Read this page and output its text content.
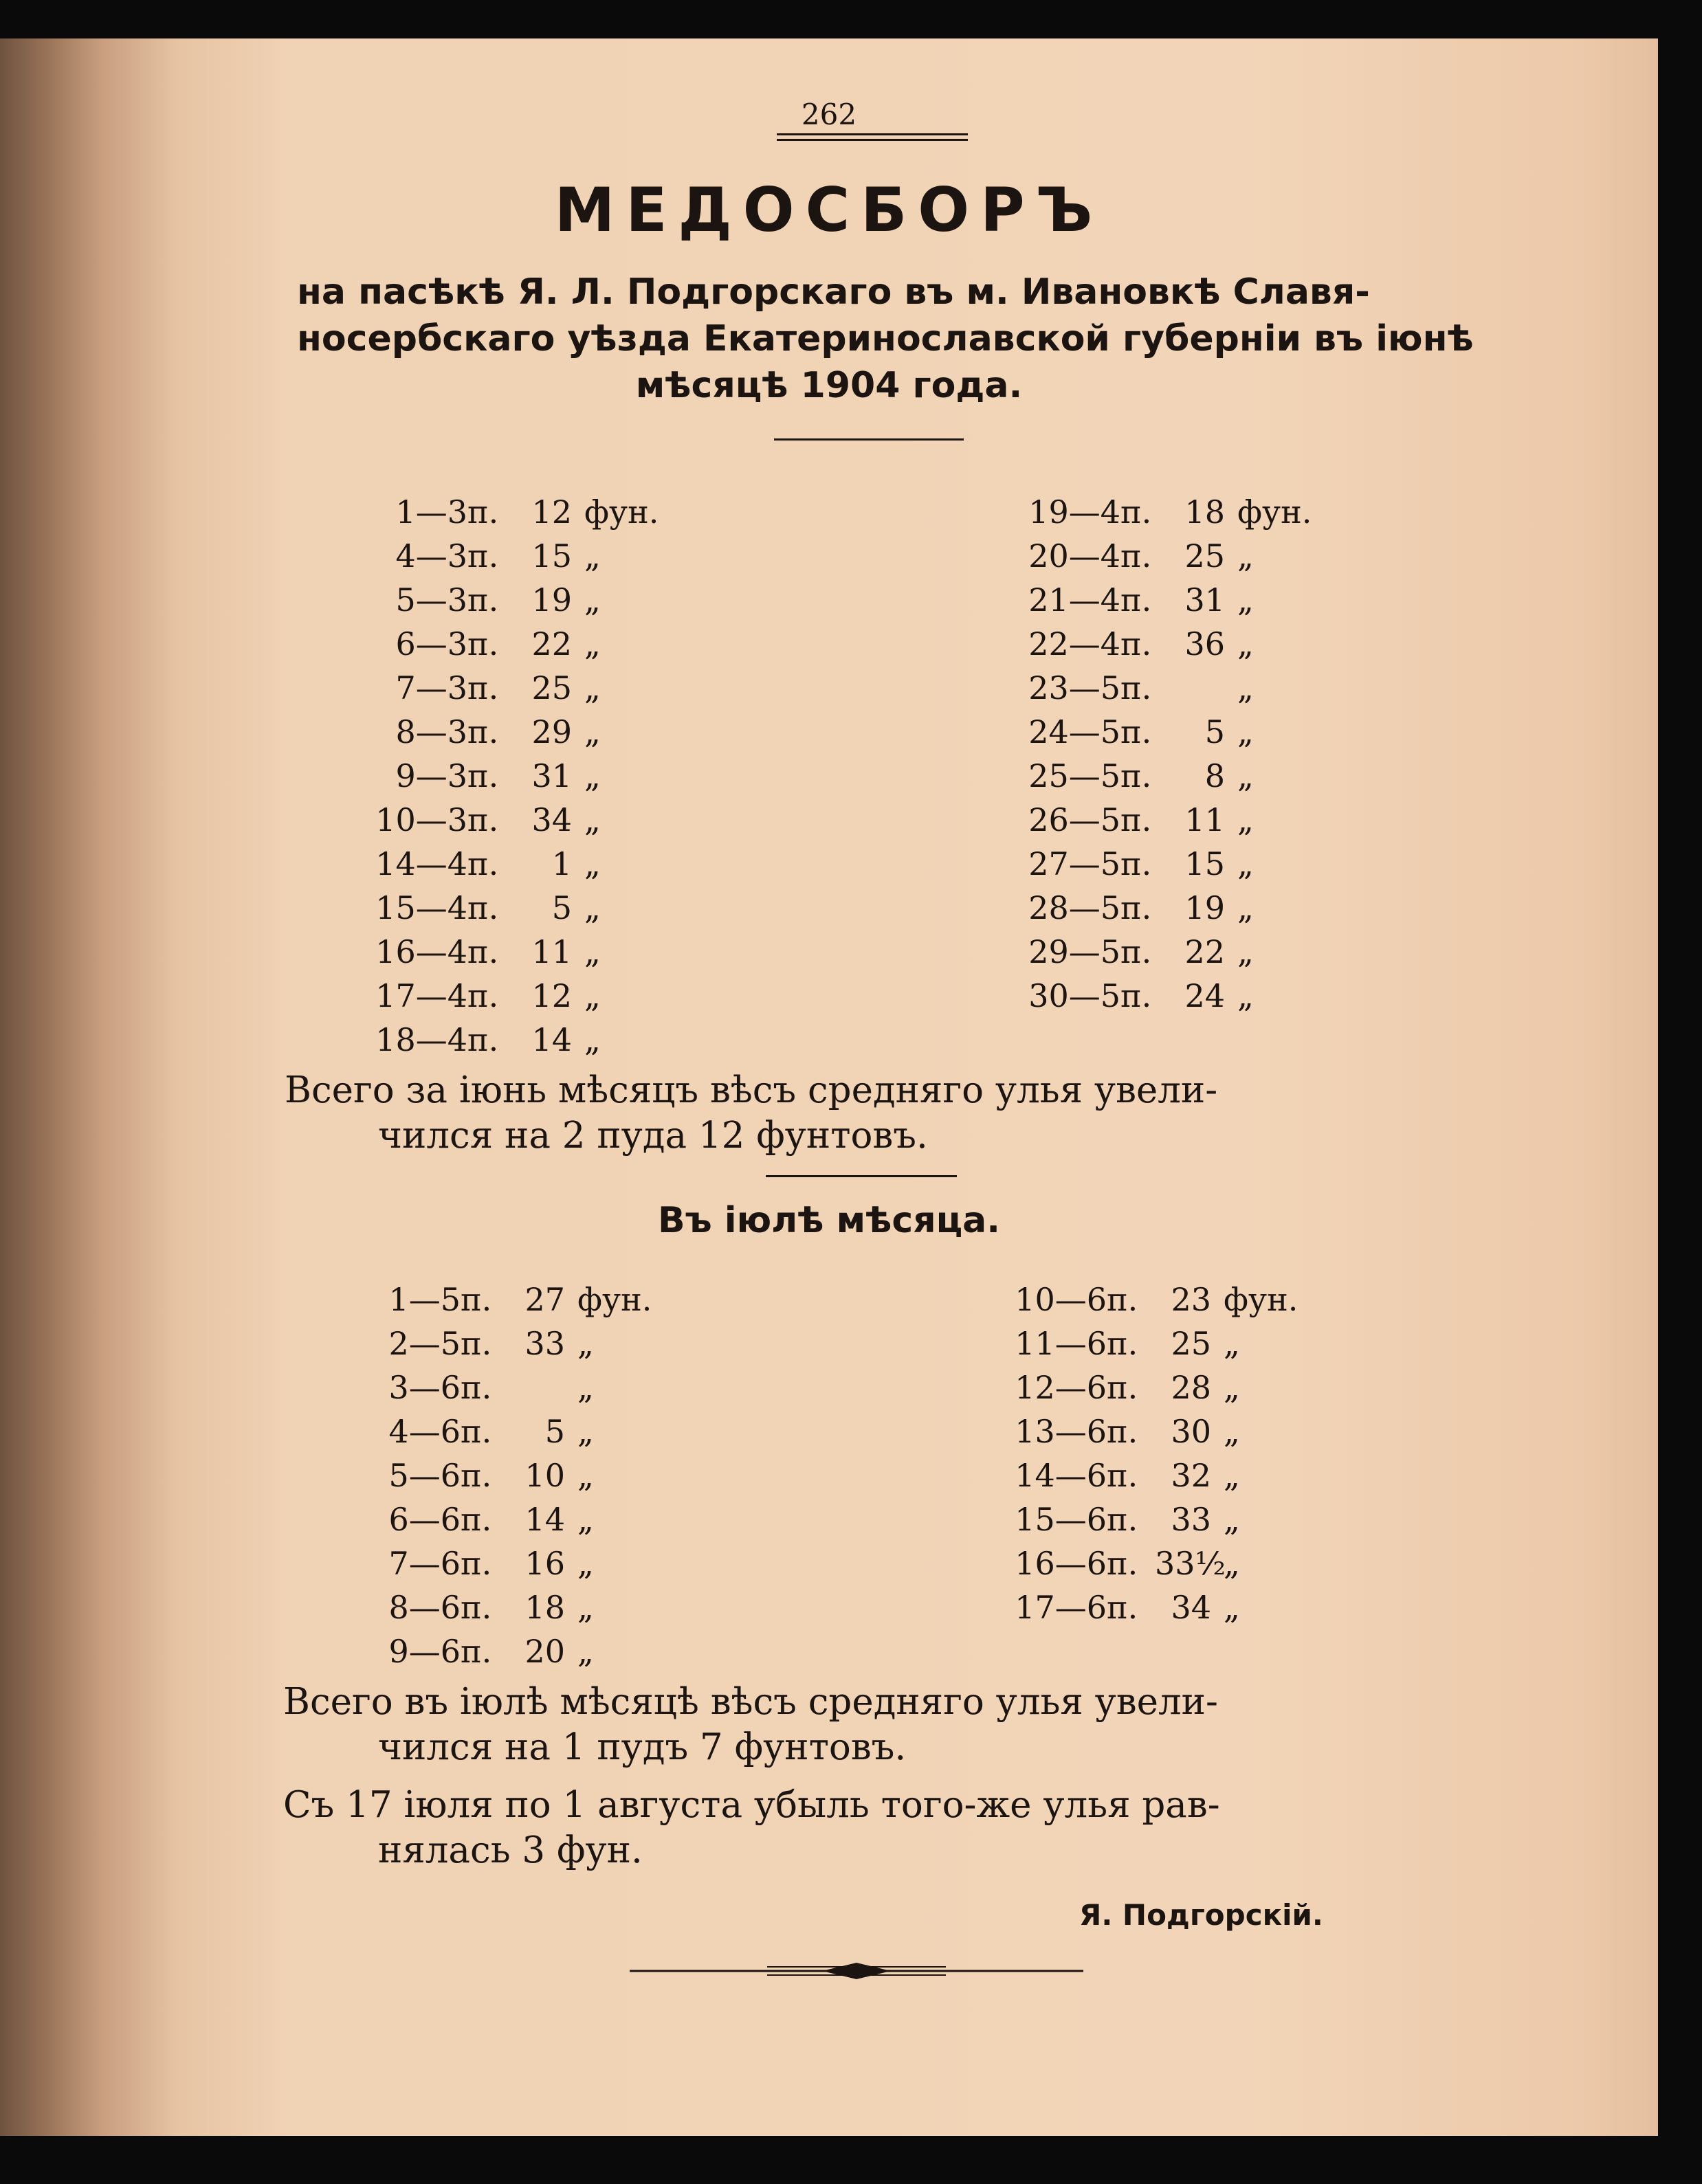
262
МЕДОСБОРЪ
на пасѣкѣ Я. Л. Подгорскаго въ м. Ивановкѣ Славя-
носербскаго уѣзда Екатеринославской губерніи въ іюнѣ
мѣсяцѣ 1904 года.
1—3п. 12 фун.
4—3п. 15 „
5—3п. 19 „
6—3п. 22 „
7—3п. 25 „
8—3п. 29 „
9—3п. 31 „
10—3п. 34 „
14—4п. 1 „
15—4п. 5 „
16—4п. 11 „
17—4п. 12 „
18—4п. 14 „
19—4п. 18 фун.
20—4п. 25 „
21—4п. 31 „
22—4п. 36 „
23—5п.	„
24—5п. 5 „
25—5п. 8 „
26—5п. 11 „
27—5п. 15 „
28—5п. 19 „
29—5п. 22 „
30—5п. 24 „
Всего за іюнь мѣсяцъ вѣсъ средняго улья увели-
чился на 2 пуда 12 фунтовъ.
Въ іюлѣ мѣсяца.
1—5п. 27 фун.
2—5п. 33 „
3—6п.	„
4—6п. 5 „
5—6п. 10 „
6—6п. 14 „
7—6п. 16 „
8—6п. 18 „
9—6п. 20 „
10—6п. 23 фун.
11—6п. 25 „
12—6п. 28 „
13—6п. 30 „
14—6п. 32 „
15—6п. 33 „
16—6п. 33½„
17—6п. 34 „
Всего въ іюлѣ мѣсяцѣ вѣсъ средняго улья увели-
чился на 1 пудъ 7 фунтовъ.
Съ 17 іюля по 1 августа убыль того-же улья рав-
нялась 3 фун.
Я. Подгорскій.
